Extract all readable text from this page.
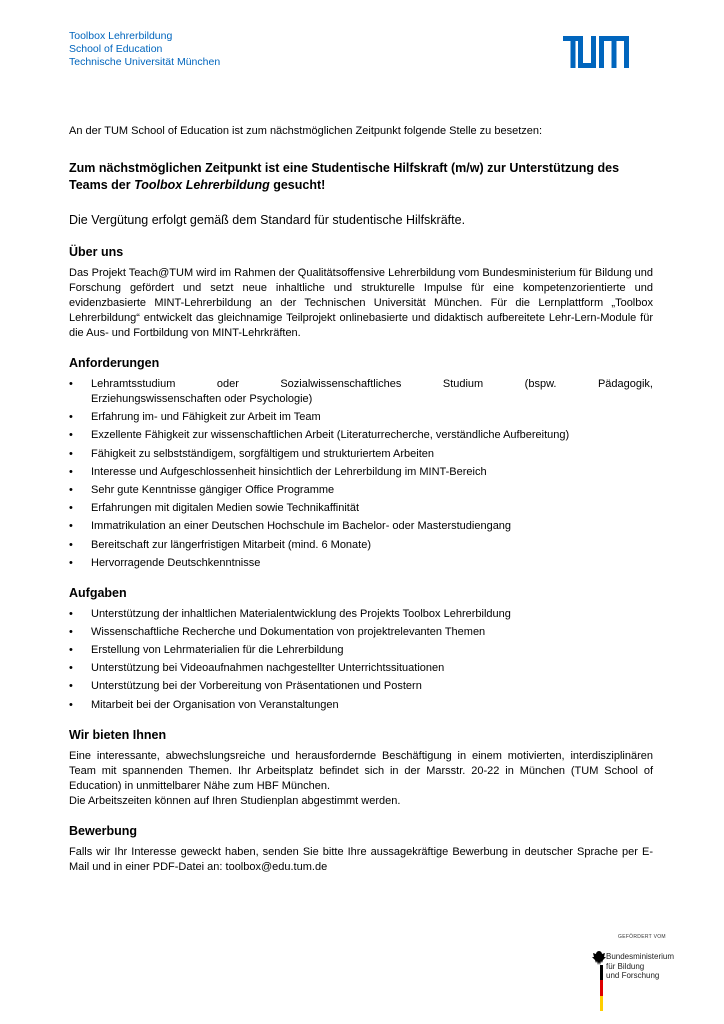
Toolbox Lehrerbildung
School of Education
Technische Universität München

An der TUM School of Education ist zum nächstmöglichen Zeitpunkt folgende Stelle zu besetzen:

Zum nächstmöglichen Zeitpunkt ist eine Studentische Hilfskraft (m/w) zur Unterstützung des Teams der Toolbox Lehrerbildung gesucht!

Die Vergütung erfolgt gemäß dem Standard für studentische Hilfskräfte.

Über uns

Das Projekt Teach@TUM wird im Rahmen der Qualitätsoffensive Lehrerbildung vom Bundesministerium für Bildung und Forschung gefördert und setzt neue inhaltliche und strukturelle Impulse für eine kompetenzorientierte und evidenzbasierte MINT-Lehrerbildung an der Technischen Universität München. Für die Lernplattform „Toolbox Lehrerbildung“ entwickelt das gleichnamige Teilprojekt onlinebasierte und didaktisch aufbereitete Lehr-Lern-Module für die Aus- und Fortbildung von MINT-Lehrkräften.

Anforderungen
• Lehramtsstudium oder Sozialwissenschaftliches Studium (bspw. Pädagogik,
Erziehungswissenschaften oder Psychologie)
• Erfahrung im- und Fähigkeit zur Arbeit im Team
• Exzellente Fähigkeit zur wissenschaftlichen Arbeit (Literaturrecherche, verständliche Aufbereitung)
• Fähigkeit zu selbstständigem, sorgfältigem und strukturiertem Arbeiten
• Interesse und Aufgeschlossenheit hinsichtlich der Lehrerbildung im MINT-Bereich
• Sehr gute Kenntnisse gängiger Office Programme
• Erfahrungen mit digitalen Medien sowie Technikaffinität
• Immatrikulation an einer Deutschen Hochschule im Bachelor- oder Masterstudiengang
• Bereitschaft zur längerfristigen Mitarbeit (mind. 6 Monate)
• Hervorragende Deutschkenntnisse
Aufgaben
• Unterstützung der inhaltlichen Materialentwicklung des Projekts Toolbox Lehrerbildung
• Wissenschaftliche Recherche und Dokumentation von projektrelevanten Themen
• Erstellung von Lehrmaterialien für die Lehrerbildung
• Unterstützung bei Videoaufnahmen nachgestellter Unterrichtssituationen
• Unterstützung bei der Vorbereitung von Präsentationen und Postern
• Mitarbeit bei der Organisation von Veranstaltungen
Wir bieten Ihnen

Eine interessante, abwechslungsreiche und herausfordernde Beschäftigung in einem motivierten, interdisziplinären Team mit spannenden Themen. Ihr Arbeitsplatz befindet sich in der Marsstr. 20-22 in München (TUM School of Education) in unmittelbarer Nähe zum HBF München.

Die Arbeitszeiten können auf Ihren Studienplan abgestimmt werden.

Bewerbung

Falls wir Ihr Interesse geweckt haben, senden Sie bitte Ihre aussagekräftige Bewerbung in deutscher Sprache per E-Mail und in einer PDF-Datei an: toolbox@edu.tum.de

GEFÖRDERT VOM
Bundesministerium
für Bildung
und Forschung
